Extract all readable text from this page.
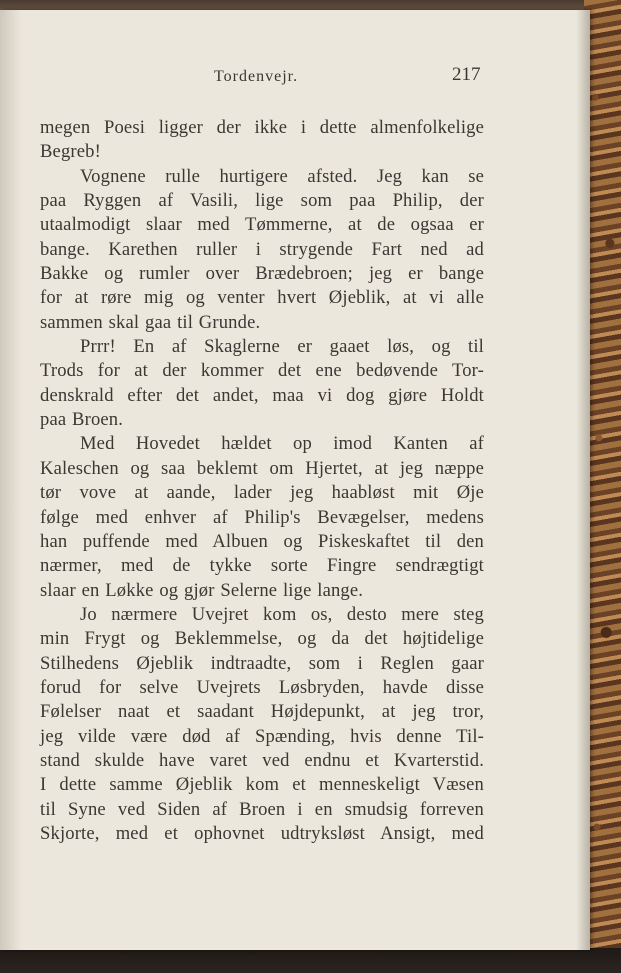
Tordenvejr.	217
megen Poesi ligger der ikke i dette almenfolkelige
Begreb!
Vognene rulle hurtigere afsted. Jeg kan se
paa Ryggen af Vasili, lige som paa Philip, der
utaalmodigt slaar med Tømmerne, at de ogsaa er
bange. Karethen ruller i strygende Fart ned ad
Bakke og rumler over Brædebroen; jeg er bange
for at røre mig og venter hvert Øjeblik, at vi alle
sammen skal gaa til Grunde.
Prrr! En af Skaglerne er gaaet løs, og til
Trods for at der kommer det ene bedøvende Tor-
denskrald efter det andet, maa vi dog gjøre Holdt
paa Broen.
Med Hovedet hældet op imod Kanten af
Kaleschen og saa beklemt om Hjertet, at jeg næppe
tør vove at aande, lader jeg haabløst mit Øje
følge med enhver af Philip's Bevægelser, medens
han puffende med Albuen og Piskeskaftet til den
nærmer, med de tykke sorte Fingre sendrægtigt
slaar en Løkke og gjør Selerne lige lange.
Jo nærmere Uvejret kom os, desto mere steg
min Frygt og Beklemmelse, og da det højtidelige
Stilhedens Øjeblik indtraadte, som i Reglen gaar
forud for selve Uvejrets Løsbryden, havde disse
Følelser naat et saadant Højdepunkt, at jeg tror,
jeg vilde være død af Spænding, hvis denne Til-
stand skulde have varet ved endnu et Kvarterstid.
I dette samme Øjeblik kom et menneskeligt Væsen
til Syne ved Siden af Broen i en smudsig forreven
Skjorte, med et ophovnet udtryksløst Ansigt, med
